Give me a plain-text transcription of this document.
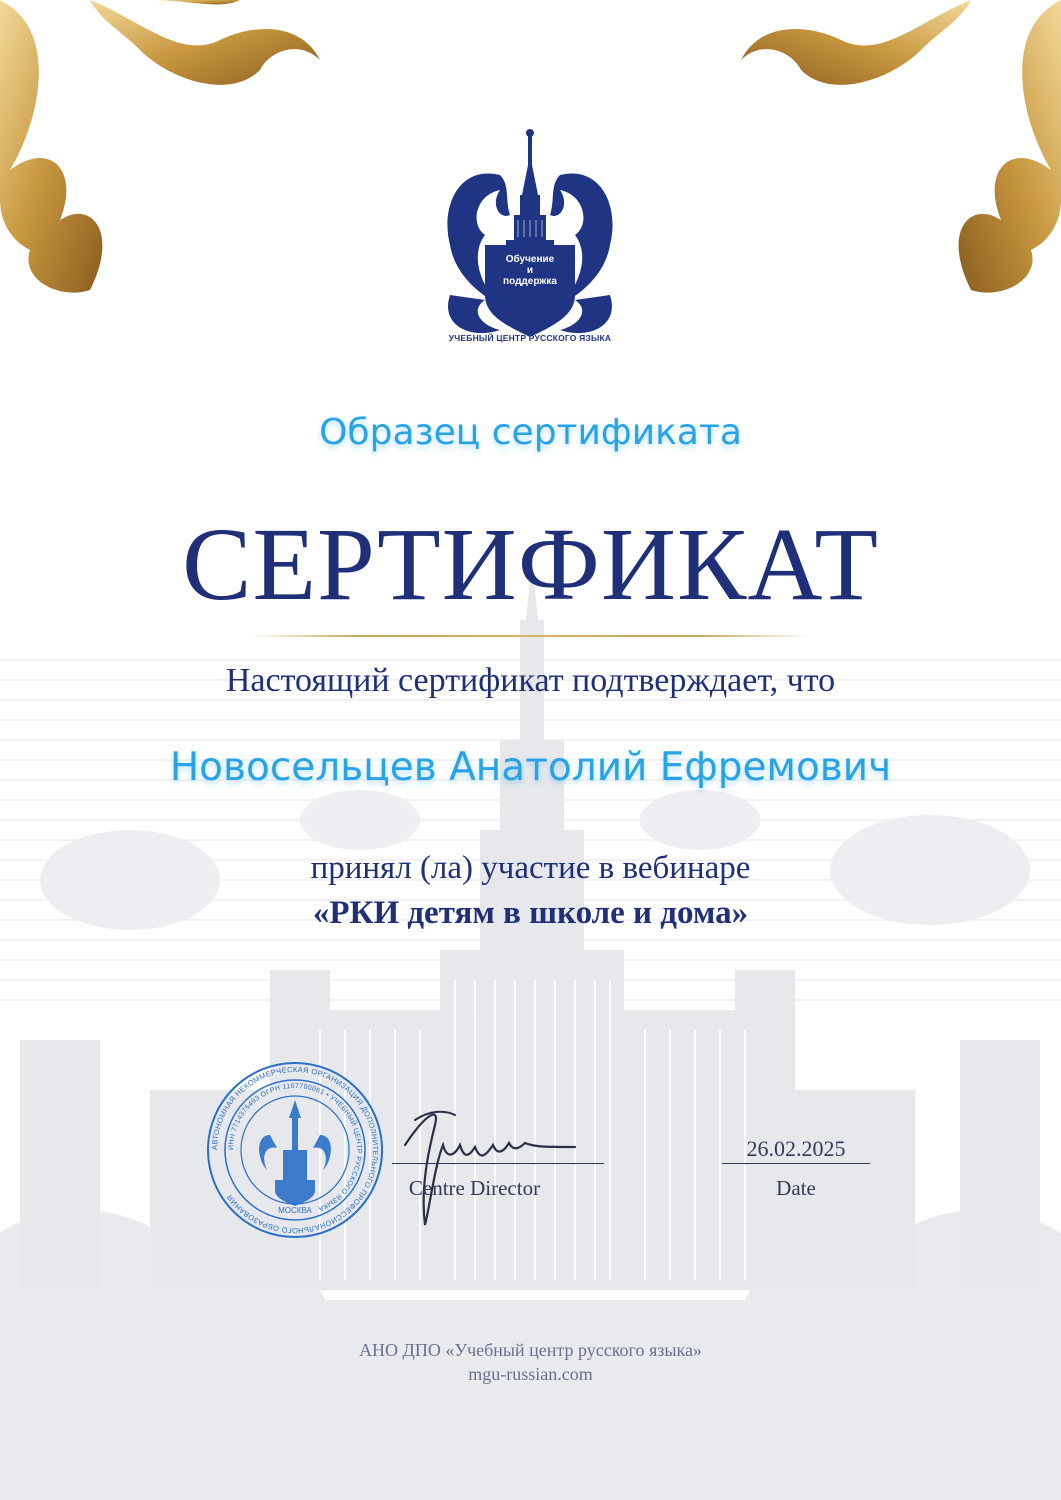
Обучение
и
поддержка
УЧЕБНЫЙ ЦЕНТР РУССКОГО ЯЗЫКА
Образец сертификата
СЕРТИФИКАТ
Настоящий сертификат подтверждает, что
Новосельцев Анатолий Ефремович
принял (ла) участие в вебинаре
«РКИ детям в школе и дома»
АВТОНОМНАЯ НЕКОММЕРЧЕСКАЯ ОРГАНИЗАЦИЯ ДОПОЛНИТЕЛЬНОГО ПРОФЕССИОНАЛЬНОГО ОБРАЗОВАНИЯ
ИНН 7714375493 ОГРН 1167700061 • УЧЕБНЫЙ ЦЕНТР РУССКОГО ЯЗЫКА
МОСКВА
Centre Director
26.02.2025
Date
АНО ДПО «Учебный центр русского языка»
mgu-russian.com
